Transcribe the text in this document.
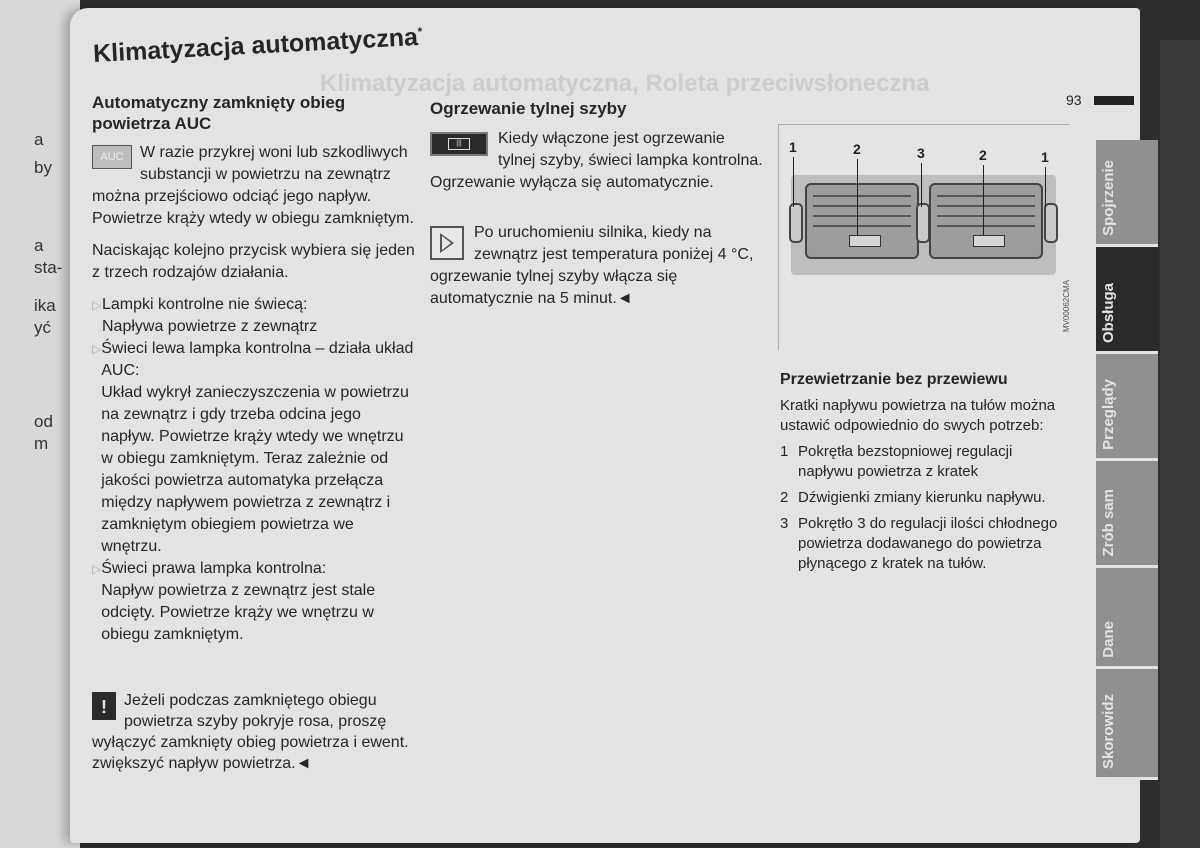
a
by
a
sta-
ika
yć
od
m
Klimatyzacja automatyczna, Roleta przeciwsłoneczna
Klimatyzacja automatyczna*
93

Automatyczny zamknięty obieg powietrza AUC

AUC	W razie przykrej woni lub szkodliwych substancji w powietrzu na zewnątrz można przejściowo odciąć jego napływ. Powietrze krąży wtedy w obiegu zamkniętym.

Naciskając kolejno przycisk wybiera się jeden z trzech rodzajów działania.

▷ Lampki kontrolne nie świecą:

Napływa powietrze z zewnątrz

▷ Świeci lewa lampka kontrolna – działa układ AUC:

Układ wykrył zanieczyszczenia w powietrzu na zewnątrz i gdy trzeba odcina jego napływ. Powietrze krąży wtedy we wnętrzu w obiegu zamkniętym. Teraz zależnie od jakości powietrza automatyka przełącza między napływem powietrza z zewnątrz i zamkniętym obiegiem powietrza we wnętrzu.

▷ Świeci prawa lampka kontrolna:

Napływ powietrza z zewnątrz jest stale odcięty. Powietrze krąży we wnętrzu w obiegu zamkniętym.

!	Jeżeli podczas zamkniętego obiegu powietrza szyby pokryje rosa, proszę wyłączyć zamknięty obieg powietrza i ewent. zwiększyć napływ powietrza.◄

Ogrzewanie tylnej szyby

|||	Kiedy włączone jest ogrzewanie tylnej szyby, świeci lampka kontrolna. Ogrzewanie wyłącza się automatycznie.

Po uruchomieniu silnika, kiedy na zewnątrz jest temperatura poniżej 4 °C, ogrzewanie tylnej szyby włącza się automatycznie na 5 minut.◄

1	2	3	2	1
MV00062CMA

Przewietrzanie bez przewiewu

Kratki napływu powietrza na tułów można ustawić odpowiednio do swych potrzeb:

1 Pokrętła bezstopniowej regulacji napływu powietrza z kratek
2 Dźwigienki zmiany kierunku napływu.
3 Pokrętło 3 do regulacji ilości chłodnego powietrza dodawanego do powietrza płynącego z kratek na tułów.
Spojrzenie
Obsługa
Przeglądy
Zrób sam
Dane
Skorowidz
